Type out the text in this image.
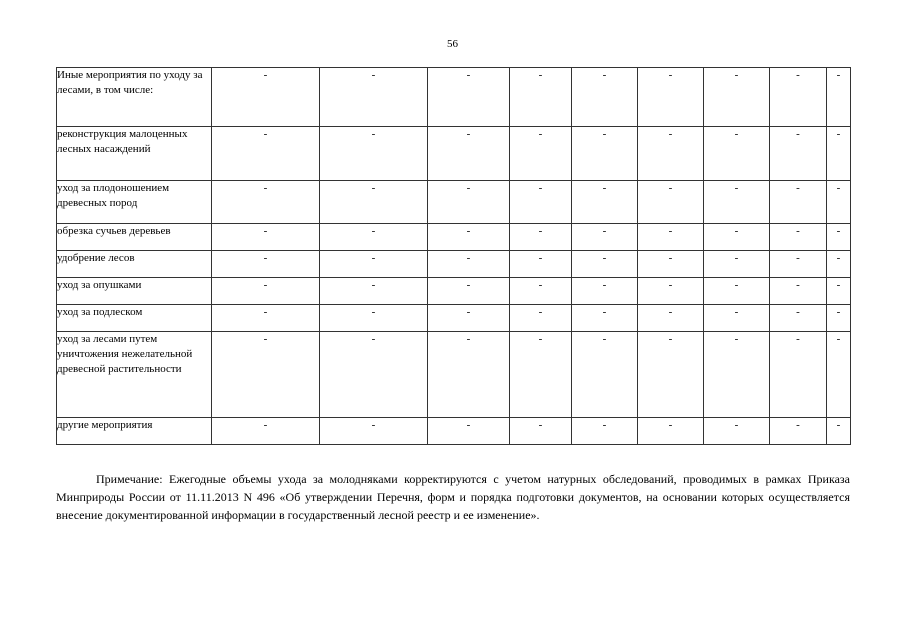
56
Иные мероприятия по уходу за лесами, в том числе:	-	-	-	-	-	-	-	-	-
реконструкция малоценных лесных насаждений	-	-	-	-	-	-	-	-	-
уход за плодоношением древесных пород	-	-	-	-	-	-	-	-	-
обрезка сучьев деревьев	-	-	-	-	-	-	-	-	-
удобрение лесов	-	-	-	-	-	-	-	-	-
уход за опушками	-	-	-	-	-	-	-	-	-
уход за подлеском	-	-	-	-	-	-	-	-	-
уход за лесами путем уничтожения нежелательной древесной растительности	-	-	-	-	-	-	-	-	-
другие мероприятия	-	-	-	-	-	-	-	-	-
Примечание: Ежегодные объемы ухода за молодняками корректируются с учетом натурных обследований, проводимых в рамках Приказа Минприроды России от 11.11.2013 N 496 «Об утверждении Перечня, форм и порядка подготовки документов, на основании которых осуществляется внесение документированной информации в государственный лесной реестр и ее изменение».
